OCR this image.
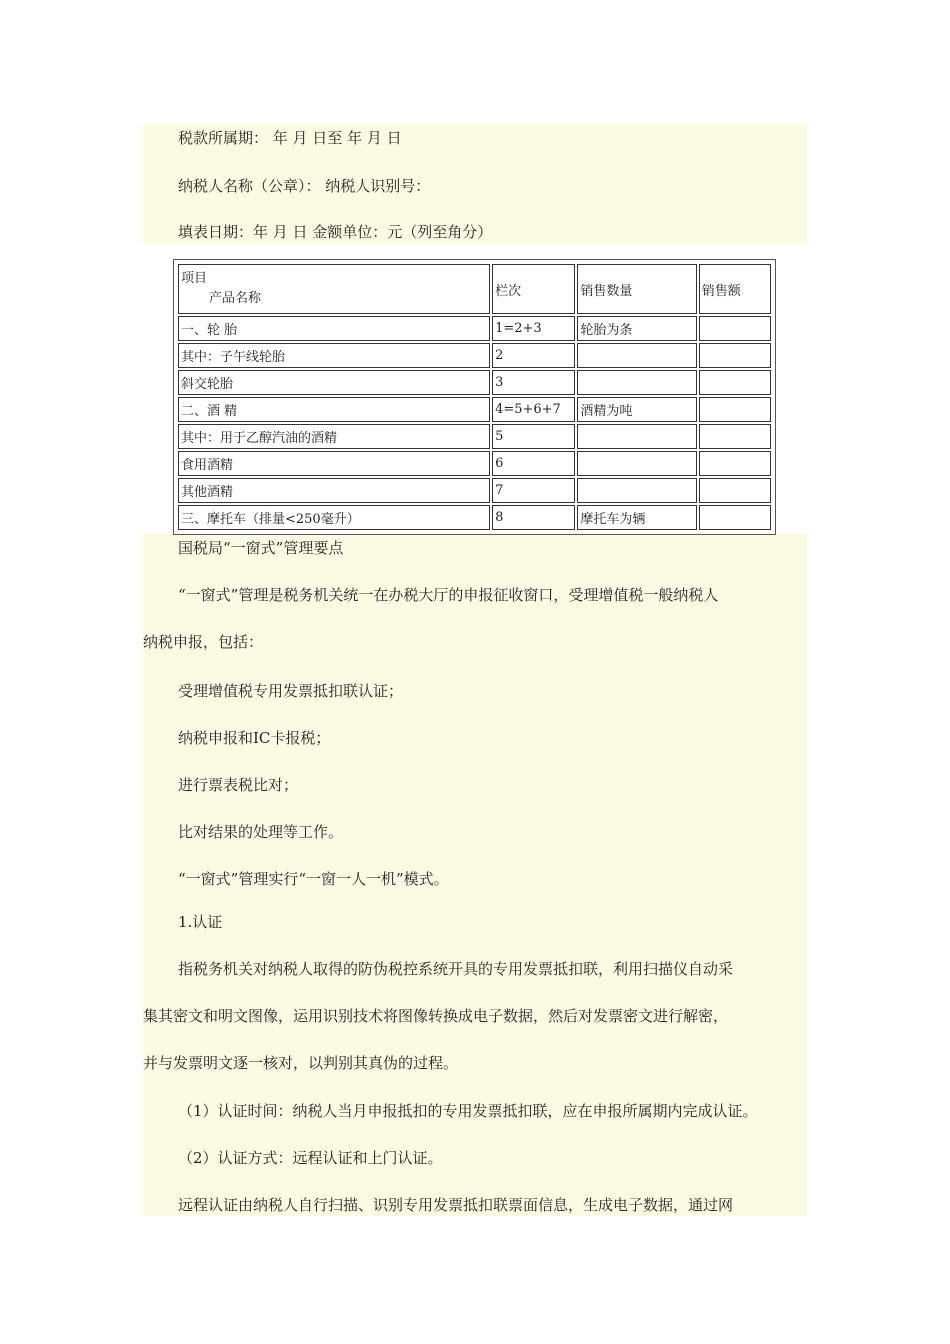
税款所属期： 年 月 日至 年 月 日
纳税人名称（公章）： 纳税人识别号：
填表日期：年 月 日 金额单位：元（列至角分）
项目
产品名称	栏次	销售数量	销售额
一、轮 胎	1=2+3	轮胎为条	
其中：子午线轮胎	2		
斜交轮胎	3		
二、酒 精	4=5+6+7	酒精为吨	
其中：用于乙醇汽油的酒精	5		
食用酒精	6		
其他酒精	7		
三、摩托车（排量<250毫升）	8	摩托车为辆	
国税局“一窗式”管理要点
“一窗式”管理是税务机关统一在办税大厅的申报征收窗口，受理增值税一般纳税人
纳税申报，包括：
受理增值税专用发票抵扣联认证；
纳税申报和IC卡报税；
进行票表税比对；
比对结果的处理等工作。
“一窗式”管理实行“一窗一人一机”模式。
1.认证
指税务机关对纳税人取得的防伪税控系统开具的专用发票抵扣联，利用扫描仪自动采
集其密文和明文图像，运用识别技术将图像转换成电子数据，然后对发票密文进行解密，
并与发票明文逐一核对，以判别其真伪的过程。
（1）认证时间：纳税人当月申报抵扣的专用发票抵扣联，应在申报所属期内完成认证。
（2）认证方式：远程认证和上门认证。
远程认证由纳税人自行扫描、识别专用发票抵扣联票面信息，生成电子数据，通过网
